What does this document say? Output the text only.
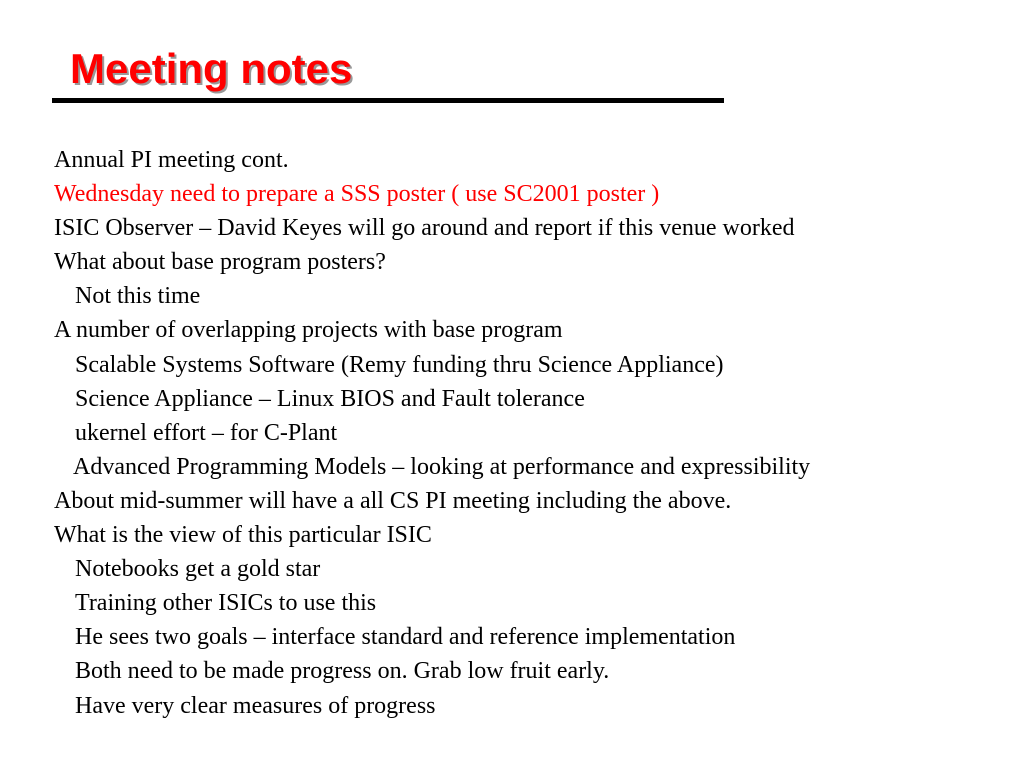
Meeting notes
Annual PI meeting cont.
Wednesday need to prepare a SSS poster ( use SC2001 poster )
ISIC Observer – David Keyes will go around and report if this venue worked
What about base program posters?
Not this time
A number of overlapping projects with base program
Scalable Systems Software (Remy funding thru Science Appliance)
Science Appliance – Linux BIOS and Fault tolerance
ukernel effort – for C-Plant
Advanced Programming Models – looking at performance and expressibility
About mid-summer will have a all CS PI meeting including the above.
What is the view of this particular ISIC
Notebooks get a gold star
Training other ISICs to use this
He sees two goals – interface standard and reference implementation
Both need to be made progress on. Grab low fruit early.
Have very clear measures of progress
